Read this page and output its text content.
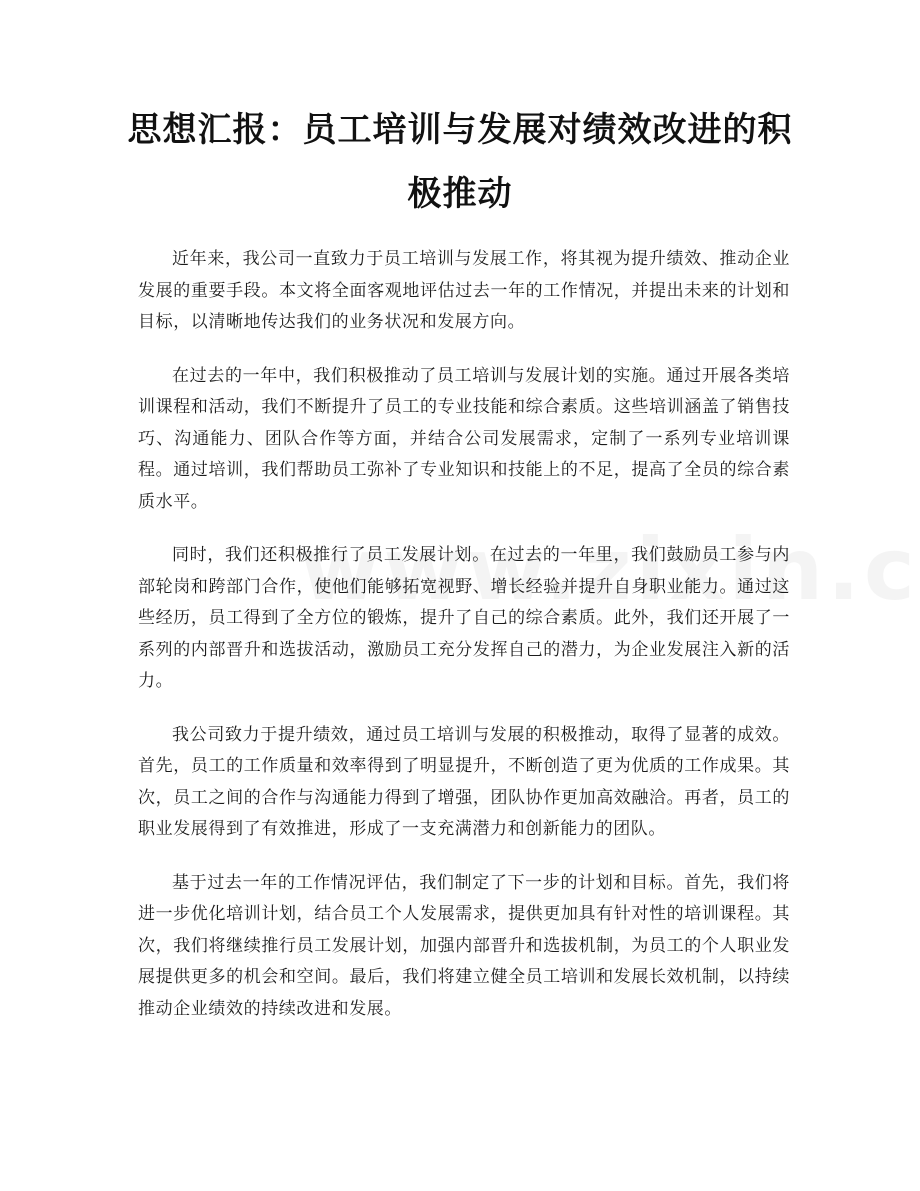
思想汇报：员工培训与发展对绩效改进的积极推动

近年来，我公司一直致力于员工培训与发展工作，将其视为提升绩效、推动企业发展的重要手段。本文将全面客观地评估过去一年的工作情况，并提出未来的计划和目标，以清晰地传达我们的业务状况和发展方向。

在过去的一年中，我们积极推动了员工培训与发展计划的实施。通过开展各类培训课程和活动，我们不断提升了员工的专业技能和综合素质。这些培训涵盖了销售技巧、沟通能力、团队合作等方面，并结合公司发展需求，定制了一系列专业培训课程。通过培训，我们帮助员工弥补了专业知识和技能上的不足，提高了全员的综合素质水平。

同时，我们还积极推行了员工发展计划。在过去的一年里，我们鼓励员工参与内部轮岗和跨部门合作，使他们能够拓宽视野、增长经验并提升自身职业能力。通过这些经历，员工得到了全方位的锻炼，提升了自己的综合素质。此外，我们还开展了一系列的内部晋升和选拔活动，激励员工充分发挥自己的潜力，为企业发展注入新的活力。

我公司致力于提升绩效，通过员工培训与发展的积极推动，取得了显著的成效。首先，员工的工作质量和效率得到了明显提升，不断创造了更为优质的工作成果。其次，员工之间的合作与沟通能力得到了增强，团队协作更加高效融洽。再者，员工的职业发展得到了有效推进，形成了一支充满潜力和创新能力的团队。

基于过去一年的工作情况评估，我们制定了下一步的计划和目标。首先，我们将进一步优化培训计划，结合员工个人发展需求，提供更加具有针对性的培训课程。其次，我们将继续推行员工发展计划，加强内部晋升和选拔机制，为员工的个人职业发展提供更多的机会和空间。最后，我们将建立健全员工培训和发展长效机制，以持续推动企业绩效的持续改进和发展。
